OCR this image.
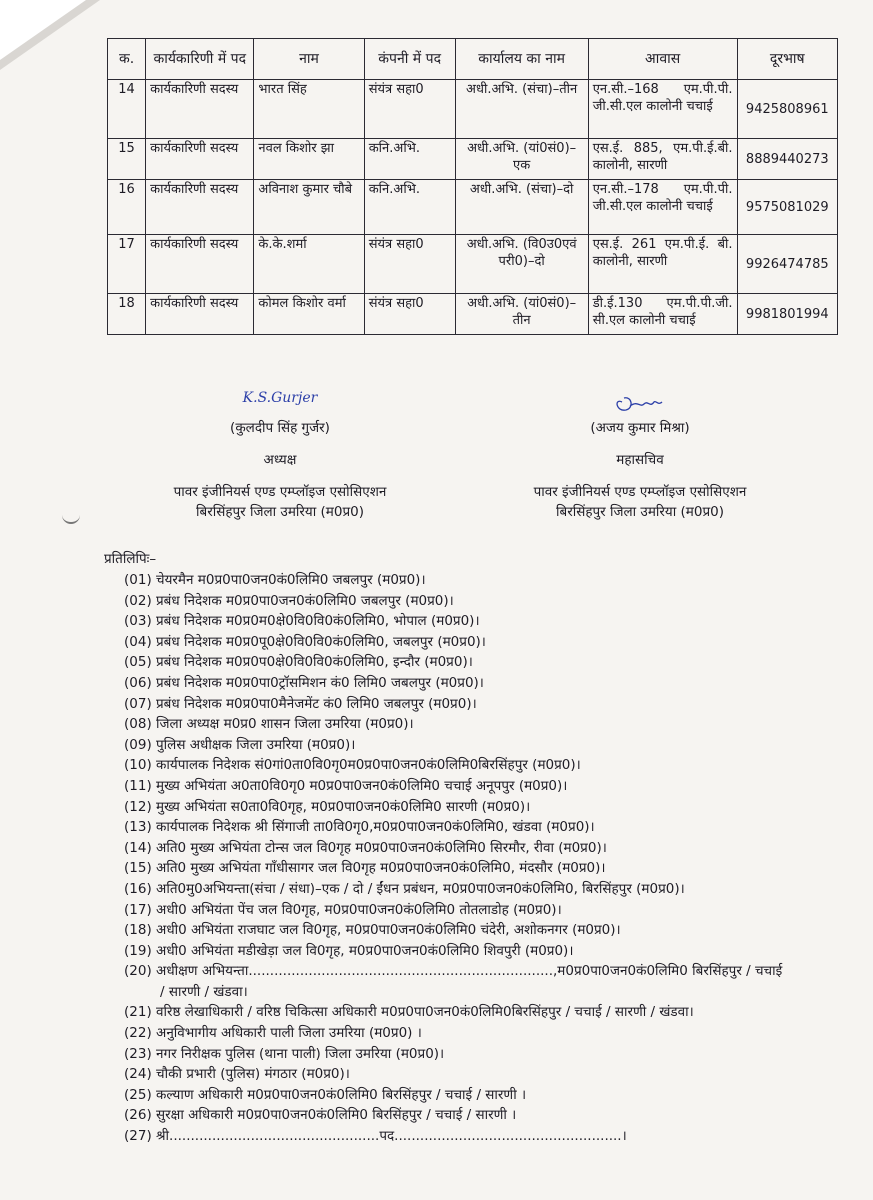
क.	कार्यकारिणी में पद	नाम	कंपनी में पद	कार्यालय का नाम	आवास	दूरभाष
14	कार्यकारिणी सदस्य	भारत सिंह	संयंत्र सहा0	अधी.अभि. (संचा)–तीन	एन.सी.–168 एम.पी.पी. जी.सी.एल कालोनी चचाई	9425808961
15	कार्यकारिणी सदस्य	नवल किशोर झा	कनि.अभि.	अधी.अभि. (यां0सं0)–एक	एस.ई. 885, एम.पी.ई.बी. कालोनी, सारणी	8889440273
16	कार्यकारिणी सदस्य	अविनाश कुमार चौबे	कनि.अभि.	अधी.अभि. (संचा)–दो	एन.सी.–178 एम.पी.पी. जी.सी.एल कालोनी चचाई	9575081029
17	कार्यकारिणी सदस्य	के.के.शर्मा	संयंत्र सहा0	अधी.अभि. (वि0उ0एवं परी0)–दो	एस.ई. 261 एम.पी.ई. बी. कालोनी, सारणी	9926474785
18	कार्यकारिणी सदस्य	कोमल किशोर वर्मा	संयंत्र सहा0	अधी.अभि. (यां0सं0)–तीन	डी.ई.130 एम.पी.पी.जी. सी.एल कालोनी चचाई	9981801994
K.S.Gurjer
(कुलदीप सिंह गुर्जर)
अध्यक्ष
पावर इंजीनियर्स एण्ड एम्प्लॉइज एसोसिएशन
बिरसिंहपुर जिला उमरिया (म0प्र0)
(अजय कुमार मिश्रा)
महासचिव
पावर इंजीनियर्स एण्ड एम्प्लॉइज एसोसिएशन
बिरसिंहपुर जिला उमरिया (म0प्र0)
प्रतिलिपिः–
(01) चेयरमैन म0प्र0पा0जन0कं0लिमि0 जबलपुर (म0प्र0)।
(02) प्रबंध निदेशक म0प्र0पा0जन0कं0लिमि0 जबलपुर (म0प्र0)।
(03) प्रबंध निदेशक म0प्र0म0क्षे0वि0वि0कं0लिमि0, भोपाल (म0प्र0)।
(04) प्रबंध निदेशक म0प्र0पू0क्षे0वि0वि0कं0लिमि0, जबलपुर (म0प्र0)।
(05) प्रबंध निदेशक म0प्र0प0क्षे0वि0वि0कं0लिमि0, इन्दौर (म0प्र0)।
(06) प्रबंध निदेशक म0प्र0पा0ट्रॉसमिशन कं0 लिमि0 जबलपुर (म0प्र0)।
(07) प्रबंध निदेशक म0प्र0पा0मैनेजमेंट कं0 लिमि0 जबलपुर (म0प्र0)।
(08) जिला अध्यक्ष म0प्र0 शासन जिला उमरिया (म0प्र0)।
(09) पुलिस अधीक्षक जिला उमरिया (म0प्र0)।
(10) कार्यपालक निदेशक सं0गां0ता0वि0गृ0म0प्र0पा0जन0कं0लिमि0बिरसिंहपुर (म0प्र0)।
(11) मुख्य अभियंता अ0ता0वि0गृ0 म0प्र0पा0जन0कं0लिमि0 चचाई अनूपपुर (म0प्र0)।
(12) मुख्य अभियंता स0ता0वि0गृह, म0प्र0पा0जन0कं0लिमि0 सारणी (म0प्र0)।
(13) कार्यपालक निदेशक श्री सिंगाजी ता0वि0गृ0,म0प्र0पा0जन0कं0लिमि0, खंडवा (म0प्र0)।
(14) अति0 मुख्य अभियंता टोन्स जल वि0गृह म0प्र0पा0जन0कं0लिमि0 सिरमौर, रीवा (म0प्र0)।
(15) अति0 मुख्य अभियंता गाँधीसागर जल वि0गृह म0प्र0पा0जन0कं0लिमि0, मंदसौर (म0प्र0)।
(16) अति0मु0अभियन्ता(संचा / संधा)–एक / दो / ईंधन प्रबंधन, म0प्र0पा0जन0कं0लिमि0, बिरसिंहपुर (म0प्र0)।
(17) अधी0 अभियंता पेंच जल वि0गृह, म0प्र0पा0जन0कं0लिमि0 तोतलाडोह (म0प्र0)।
(18) अधी0 अभियंता राजघाट जल वि0गृह, म0प्र0पा0जन0कं0लिमि0 चंदेरी, अशोकनगर (म0प्र0)।
(19) अधी0 अभियंता मडीखेड़ा जल वि0गृह, म0प्र0पा0जन0कं0लिमि0 शिवपुरी (म0प्र0)।
(20) अधीक्षण अभियन्ता.......................................................................,म0प्र0पा0जन0कं0लिमि0 बिरसिंहपुर / चचाई
/ सारणी / खंडवा।
(21) वरिष्ठ लेखाधिकारी / वरिष्ठ चिकित्सा अधिकारी म0प्र0पा0जन0कं0लिमि0बिरसिंहपुर / चचाई / सारणी / खंडवा।
(22) अनुविभागीय अधिकारी पाली जिला उमरिया (म0प्र0) ।
(23) नगर निरीक्षक पुलिस (थाना पाली) जिला उमरिया (म0प्र0)।
(24) चौकी प्रभारी (पुलिस) मंगठार (म0प्र0)।
(25) कल्याण अधिकारी म0प्र0पा0जन0कं0लिमि0 बिरसिंहपुर / चचाई / सारणी ।
(26) सुरक्षा अधिकारी म0प्र0पा0जन0कं0लिमि0 बिरसिंहपुर / चचाई / सारणी ।
(27) श्री.................................................पद.....................................................।
